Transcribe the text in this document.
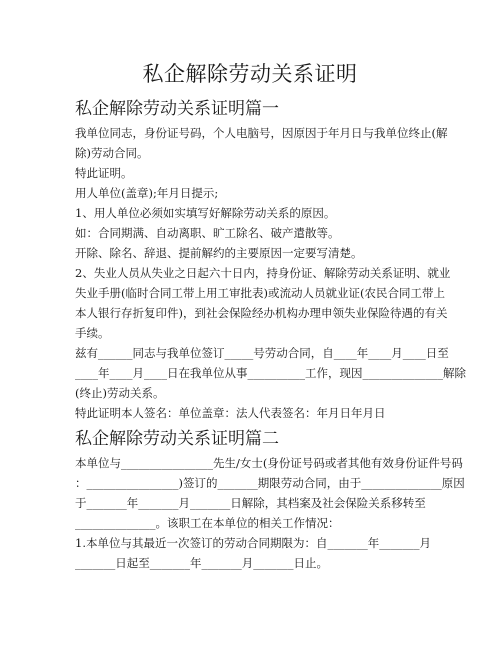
私企解除劳动关系证明
私企解除劳动关系证明篇一
我单位同志，身份证号码，个人电脑号，因原因于年月日与我单位终止(解
除)劳动合同。
特此证明。
用人单位(盖章);年月日提示;
1、用人单位必须如实填写好解除劳动关系的原因。
如：合同期满、自动离职、旷工除名、破产遣散等。
开除、除名、辞退、提前解约的主要原因一定要写清楚。
2、失业人员从失业之日起六十日内，持身份证、解除劳动关系证明、就业
失业手册(临时合同工带上用工审批表)或流动人员就业证(农民合同工带上
本人银行存折复印件)，到社会保险经办机构办理申领失业保险待遇的有关
手续。
兹有______同志与我单位签订_____号劳动合同，自____年____月____日至
____年____月____日在我单位从事__________工作，现因______________解除
(终止)劳动关系。
特此证明本人签名：单位盖章：法人代表签名：年月日年月日
私企解除劳动关系证明篇二
本单位与________________先生/女士(身份证号码或者其他有效身份证件号码
：________________)签订的_______期限劳动合同，由于______________原因
于_______年_______月_______日解除，其档案及社会保险关系移转至
______________。该职工在本单位的相关工作情况：
1.本单位与其最近一次签订的劳动合同期限为：自_______年_______月
_______日起至_______年_______月_______日止。
